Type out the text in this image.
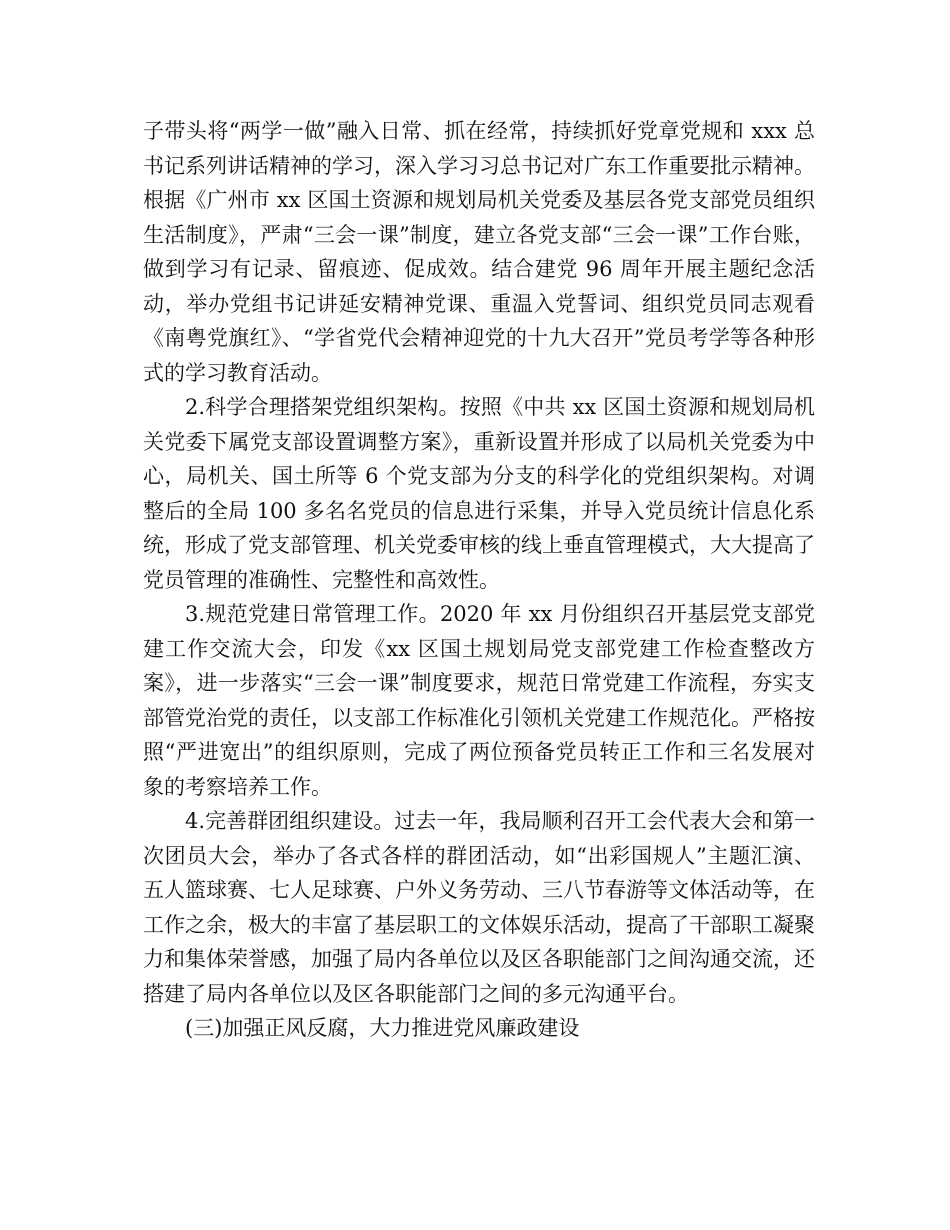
子带头将“两学一做”融入日常、抓在经常，持续抓好党章党规和 xxx 总书记系列讲话精神的学习，深入学习习总书记对广东工作重要批示精神。根据《广州市 xx 区国土资源和规划局机关党委及基层各党支部党员组织生活制度》，严肃“三会一课”制度，建立各党支部“三会一课”工作台账，做到学习有记录、留痕迹、促成效。结合建党 96 周年开展主题纪念活动，举办党组书记讲延安精神党课、重温入党誓词、组织党员同志观看《南粤党旗红》、“学省党代会精神迎党的十九大召开”党员考学等各种形式的学习教育活动。

2.科学合理搭架党组织架构。按照《中共 xx 区国土资源和规划局机关党委下属党支部设置调整方案》，重新设置并形成了以局机关党委为中心，局机关、国土所等 6 个党支部为分支的科学化的党组织架构。对调整后的全局 100 多名名党员的信息进行采集，并导入党员统计信息化系统，形成了党支部管理、机关党委审核的线上垂直管理模式，大大提高了党员管理的准确性、完整性和高效性。

3.规范党建日常管理工作。2020 年 xx 月份组织召开基层党支部党建工作交流大会，印发《xx 区国土规划局党支部党建工作检查整改方案》，进一步落实“三会一课”制度要求，规范日常党建工作流程，夯实支部管党治党的责任，以支部工作标准化引领机关党建工作规范化。严格按照“严进宽出”的组织原则，完成了两位预备党员转正工作和三名发展对象的考察培养工作。

4.完善群团组织建设。过去一年，我局顺利召开工会代表大会和第一次团员大会，举办了各式各样的群团活动，如“出彩国规人”主题汇演、五人篮球赛、七人足球赛、户外义务劳动、三八节春游等文体活动等，在工作之余，极大的丰富了基层职工的文体娱乐活动，提高了干部职工凝聚力和集体荣誉感，加强了局内各单位以及区各职能部门之间沟通交流，还搭建了局内各单位以及区各职能部门之间的多元沟通平台。

(三)加强正风反腐，大力推进党风廉政建设
